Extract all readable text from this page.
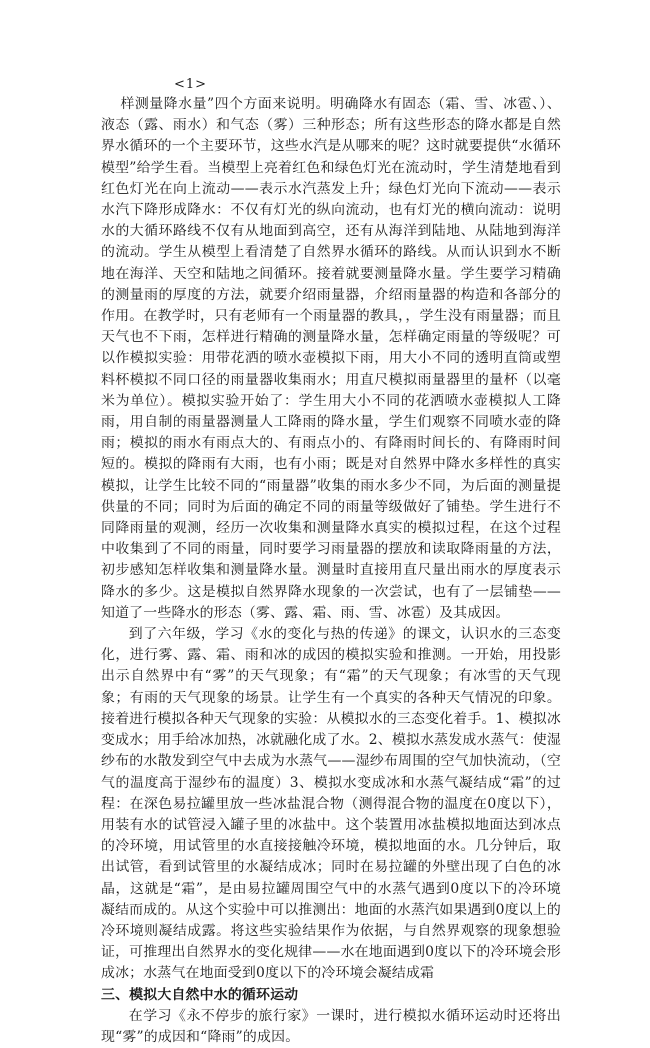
<1>

样测量降水量”四个方面来说明。明确降水有固态（霜、雪、冰雹、）、液态（露、雨水）和气态（雾）三种形态；所有这些形态的降水都是自然界水循环的一个主要环节，这些水汽是从哪来的呢？这时就要提供“水循环模型”给学生看。当模型上亮着红色和绿色灯光在流动时，学生清楚地看到红色灯光在向上流动——表示水汽蒸发上升；绿色灯光向下流动——表示水汽下降形成降水：不仅有灯光的纵向流动，也有灯光的横向流动：说明水的大循环路线不仅有从地面到高空，还有从海洋到陆地、从陆地到海洋的流动。学生从模型上看清楚了自然界水循环的路线。从而认识到水不断地在海洋、天空和陆地之间循环。接着就要测量降水量。学生要学习精确的测量雨的厚度的方法，就要介绍雨量器，介绍雨量器的构造和各部分的作用。在教学时，只有老师有一个雨量器的教具，，学生没有雨量器；而且天气也不下雨，怎样进行精确的测量降水量，怎样确定雨量的等级呢？可以作模拟实验：用带花洒的喷水壶模拟下雨，用大小不同的透明直筒或塑料杯模拟不同口径的雨量器收集雨水；用直尺模拟雨量器里的量杯（以毫米为单位）。模拟实验开始了：学生用大小不同的花洒喷水壶模拟人工降雨，用自制的雨量器测量人工降雨的降水量，学生们观察不同喷水壶的降雨；模拟的雨水有雨点大的、有雨点小的、有降雨时间长的、有降雨时间短的。模拟的降雨有大雨，也有小雨；既是对自然界中降水多样性的真实模拟，让学生比较不同的“雨量器”收集的雨水多少不同，为后面的测量提供量的不同；同时为后面的确定不同的雨量等级做好了铺垫。学生进行不同降雨量的观测，经历一次收集和测量降水真实的模拟过程，在这个过程中收集到了不同的雨量，同时要学习雨量器的摆放和读取降雨量的方法，初步感知怎样收集和测量降水量。测量时直接用直尺量出雨水的厚度表示降水的多少。这是模拟自然界降水现象的一次尝试，也有了一层铺垫——知道了一些降水的形态（雾、露、霜、雨、雪、冰雹）及其成因。

到了六年级，学习《水的变化与热的传递》的课文，认识水的三态变化，进行雾、露、霜、雨和冰的成因的模拟实验和推测。一开始，用投影出示自然界中有“雾”的天气现象；有“霜”的天气现象；有冰雪的天气现象；有雨的天气现象的场景。让学生有一个真实的各种天气情况的印象。接着进行模拟各种天气现象的实验：从模拟水的三态变化着手。1、模拟冰变成水；用手给冰加热，冰就融化成了水。2、模拟水蒸发成水蒸气：使湿纱布的水散发到空气中去成为水蒸气——湿纱布周围的空气加快流动，（空气的温度高于湿纱布的温度）3、模拟水变成冰和水蒸气凝结成“霜”的过程：在深色易拉罐里放一些冰盐混合物（测得混合物的温度在0度以下），用装有水的试管浸入罐子里的冰盐中。这个装置用冰盐模拟地面达到冰点的冷环境，用试管里的水直接接触冷环境，模拟地面的水。几分钟后，取出试管，看到试管里的水凝结成冰；同时在易拉罐的外壁出现了白色的冰晶，这就是“霜”，是由易拉罐周围空气中的水蒸气遇到0度以下的冷环境凝结而成的。从这个实验中可以推测出：地面的水蒸汽如果遇到0度以上的冷环境则凝结成露。将这些实验结果作为依据，与自然界观察的现象想验证，可推理出自然界水的变化规律——水在地面遇到0度以下的冷环境会形成冰；水蒸气在地面受到0度以下的冷环境会凝结成霜

三、模拟大自然中水的循环运动

在学习《永不停步的旅行家》一课时，进行模拟水循环运动时还将出现“雾”的成因和“降雨”的成因。
